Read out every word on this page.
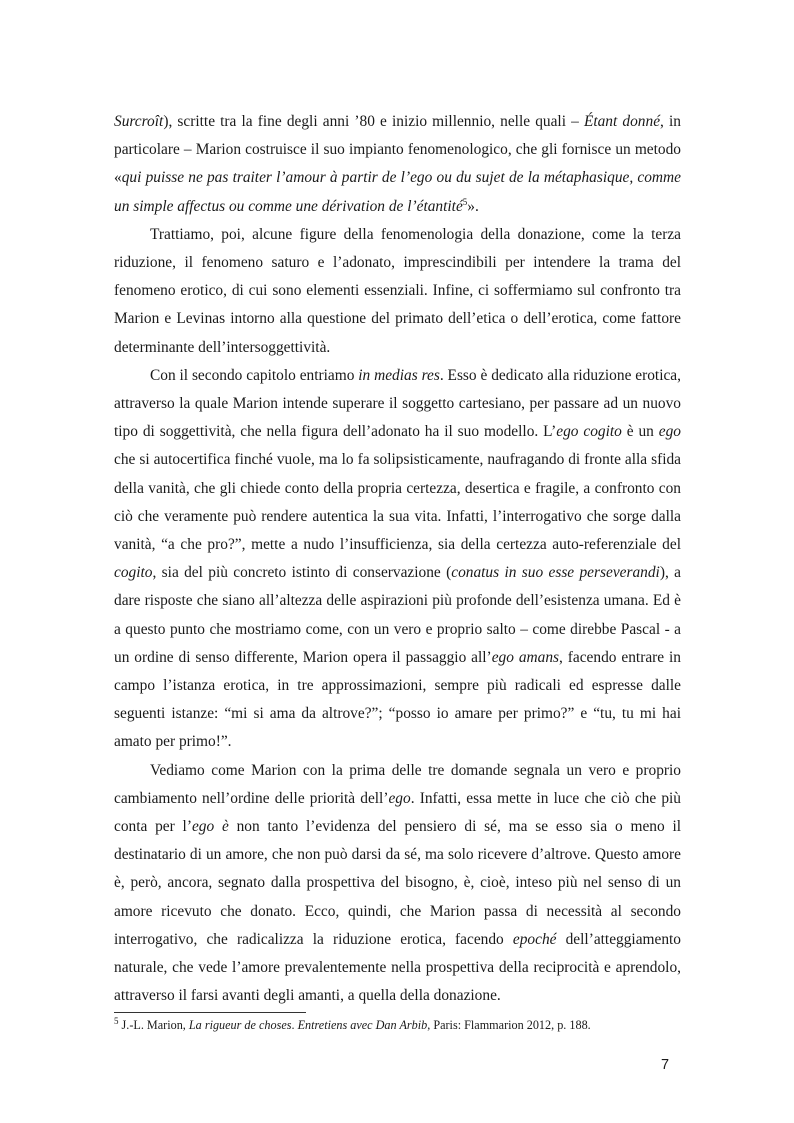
Surcroît), scritte tra la fine degli anni ’80 e inizio millennio, nelle quali – Étant donné, in particolare – Marion costruisce il suo impianto fenomenologico, che gli fornisce un metodo «qui puisse ne pas traiter l’amour à partir de l’ego ou du sujet de la métaphasique, comme un simple affectus ou comme une dérivation de l’étantité$^5$».

Trattiamo, poi, alcune figure della fenomenologia della donazione, come la terza riduzione, il fenomeno saturo e l’adonato, imprescindibili per intendere la trama del fenomeno erotico, di cui sono elementi essenziali. Infine, ci soffermiamo sul confronto tra Marion e Levinas intorno alla questione del primato dell’etica o dell’erotica, come fattore determinante dell’intersoggettività.

Con il secondo capitolo entriamo in medias res. Esso è dedicato alla riduzione erotica, attraverso la quale Marion intende superare il soggetto cartesiano, per passare ad un nuovo tipo di soggettività, che nella figura dell’adonato ha il suo modello. L’ego cogito è un ego che si autocertifica finché vuole, ma lo fa solipsisticamente, naufragando di fronte alla sfida della vanità, che gli chiede conto della propria certezza, desertica e fragile, a confronto con ciò che veramente può rendere autentica la sua vita. Infatti, l’interrogativo che sorge dalla vanità, “a che pro?”, mette a nudo l’insufficienza, sia della certezza auto-referenziale del cogito, sia del più concreto istinto di conservazione (conatus in suo esse perseverandi), a dare risposte che siano all’altezza delle aspirazioni più profonde dell’esistenza umana. Ed è a questo punto che mostriamo come, con un vero e proprio salto – come direbbe Pascal - a un ordine di senso differente, Marion opera il passaggio all’ego amans, facendo entrare in campo l’istanza erotica, in tre approssimazioni, sempre più radicali ed espresse dalle seguenti istanze: “mi si ama da altrove?”; “posso io amare per primo?” e “tu, tu mi hai amato per primo!”.

Vediamo come Marion con la prima delle tre domande segnala un vero e proprio cambiamento nell’ordine delle priorità dell’ego. Infatti, essa mette in luce che ciò che più conta per l’ego è non tanto l’evidenza del pensiero di sé, ma se esso sia o meno il destinatario di un amore, che non può darsi da sé, ma solo ricevere d’altrove. Questo amore è, però, ancora, segnato dalla prospettiva del bisogno, è, cioè, inteso più nel senso di un amore ricevuto che donato. Ecco, quindi, che Marion passa di necessità al secondo interrogativo, che radicalizza la riduzione erotica, facendo epoché dell’atteggiamento naturale, che vede l’amore prevalentemente nella prospettiva della reciprocità e aprendolo, attraverso il farsi avanti degli amanti, a quella della donazione.

$^5$ J.-L. Marion, La rigueur de choses. Entretiens avec Dan Arbib, Paris: Flammarion 2012, p. 188.
7
